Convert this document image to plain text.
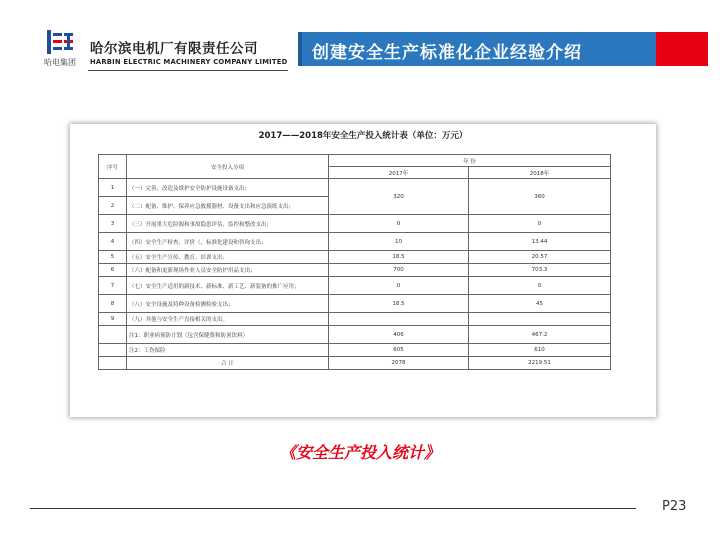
哈电集团
哈尔滨电机厂有限责任公司
HARBIN ELECTRIC MACHINERY COMPANY LIMITED 创建安全生产标准化企业经验介绍
2017——2018年安全生产投入统计表（单位：万元）
序号	安全投入分项	年 份	
		2017年	2018年
1	（一）完善、改造及维护安全防护设施设备支出；	320	360
2	（二）配备、维护、保养应急救援器材、设备支出和应急演练支出；		
3	（三）开展重大危险源和事故隐患评估、监控和整改支出；	0	0
4	（四）安全生产检查、评价（、标准化建设和咨询支出；	10	13.44
5	（五）安全生产宣传、教育、培训支出；	18.5	20.57
6	（六）配备和更新现场作业人员安全防护用品支出；	700	703.3
7	（七）安全生产适用的新技术、新标准、新工艺、新装备的推广应用；	0	0
8	（八）安全设施及特种设备检测检验支出；	18.5	45
9	（九）其他与安全生产直接相关的支出。		
	注1：职业病预防计划（包含保健费和防暑饮料）	406	467.2
	注2：工伤保险	605	610
	合 计	2078	2219.51
《安全生产投入统计》
P23
